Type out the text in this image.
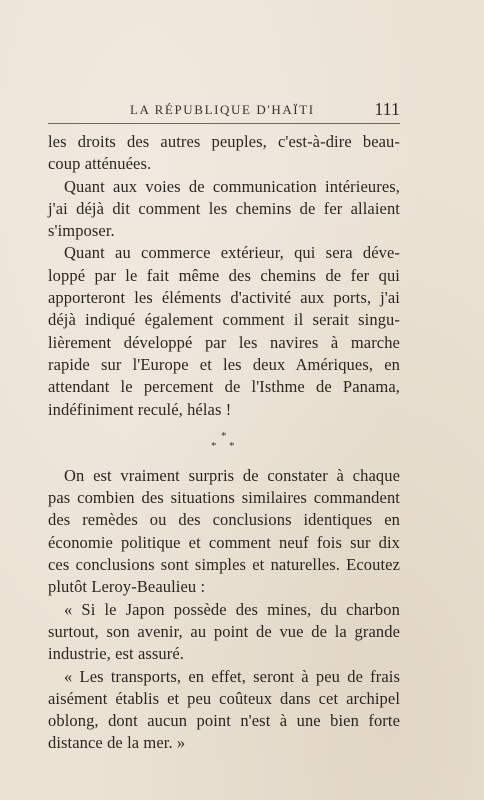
LA RÉPUBLIQUE D'HAÏTI	111
les droits des autres peuples, c'est-à-dire beau-
coup atténuées.
Quant aux voies de communication intérieures,
j'ai déjà dit comment les chemins de fer allaient
s'imposer.
Quant au commerce extérieur, qui sera déve-
loppé par le fait même des chemins de fer qui
apporteront les éléments d'activité aux ports, j'ai
déjà indiqué également comment il serait singu-
lièrement développé par les navires à marche
rapide sur l'Europe et les deux Amériques, en
attendant le percement de l'Isthme de Panama,
indéfiniment reculé, hélas !
*
* *
On est vraiment surpris de constater à chaque
pas combien des situations similaires commandent
des remèdes ou des conclusions identiques en
économie politique et comment neuf fois sur dix
ces conclusions sont simples et naturelles. Ecoutez
plutôt Leroy-Beaulieu :
« Si le Japon possède des mines, du charbon
surtout, son avenir, au point de vue de la grande
industrie, est assuré.
« Les transports, en effet, seront à peu de frais
aisément établis et peu coûteux dans cet archipel
oblong, dont aucun point n'est à une bien forte
distance de la mer. »
